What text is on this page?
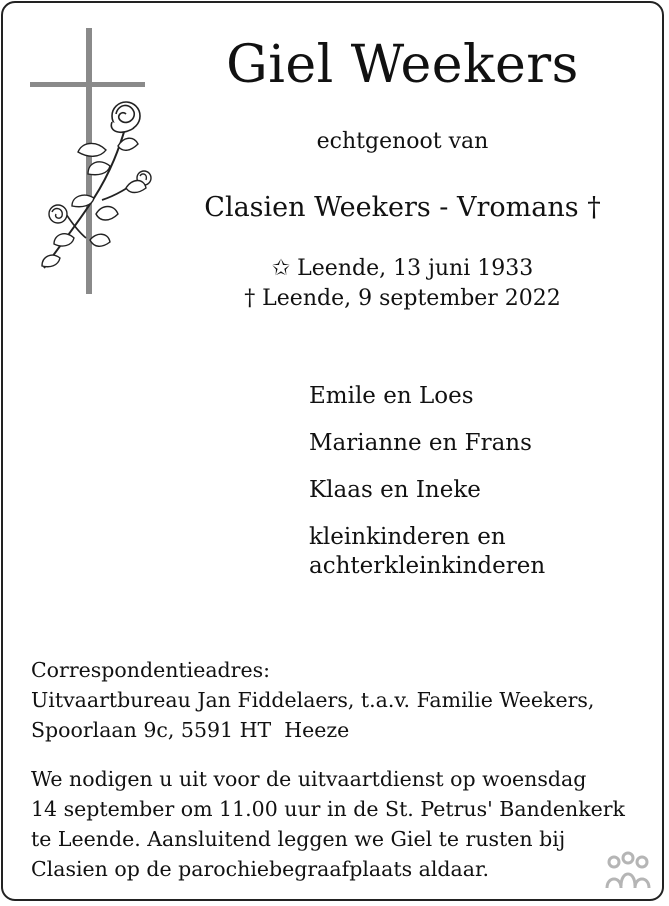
Giel Weekers
echtgenoot van
Clasien Weekers - Vromans †
✩ Leende, 13 juni 1933
† Leende, 9 september 2022
Emile en Loes
Marianne en Frans
Klaas en Ineke
kleinkinderen en
achterkleinkinderen
Correspondentieadres:
Uitvaartbureau Jan Fiddelaers, t.a.v. Familie Weekers,
Spoorlaan 9c, 5591 HT  Heeze
We nodigen u uit voor de uitvaartdienst op woensdag
14 september om 11.00 uur in de St. Petrus' Bandenkerk
te Leende. Aansluitend leggen we Giel te rusten bij
Clasien op de parochiebegraafplaats aldaar.
